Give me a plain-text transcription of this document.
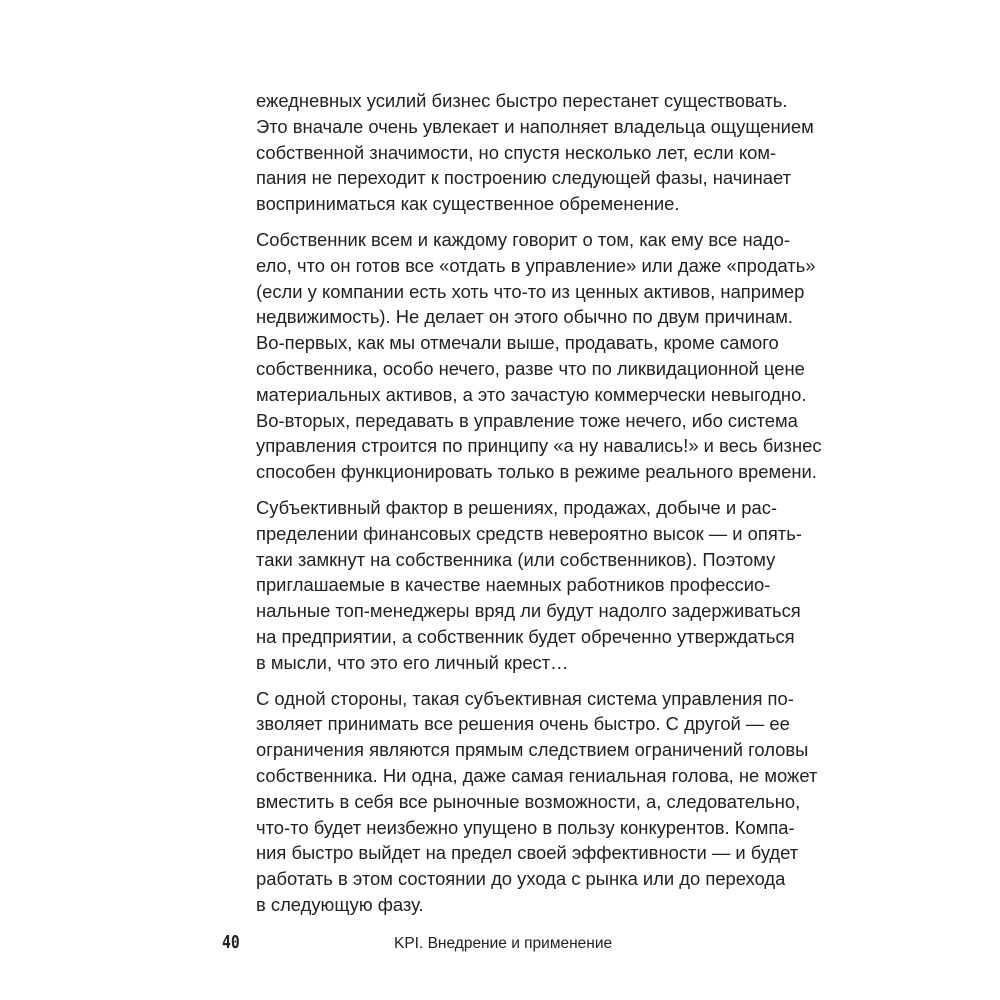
ежедневных усилий бизнес быстро перестанет существовать.
Это вначале очень увлекает и наполняет владельца ощущением
собственной значимости, но спустя несколько лет, если ком-
пания не переходит к построению следующей фазы, начинает
восприниматься как существенное обременение.
Собственник всем и каждому говорит о том, как ему все надо-
ело, что он готов все «отдать в управление» или даже «продать»
(если у компании есть хоть что-то из ценных активов, например
недвижимость). Не делает он этого обычно по двум причинам.
Во-первых, как мы отмечали выше, продавать, кроме самого
собственника, особо нечего, разве что по ликвидационной цене
материальных активов, а это зачастую коммерчески невыгодно.
Во-вторых, передавать в управление тоже нечего, ибо система
управления строится по принципу «а ну навались!» и весь бизнес
способен функционировать только в режиме реального времени.
Субъективный фактор в решениях, продажах, добыче и рас-
пределении финансовых средств невероятно высок — и опять-
таки замкнут на собственника (или собственников). Поэтому
приглашаемые в качестве наемных работников профессио-
нальные топ-менеджеры вряд ли будут надолго задерживаться
на предприятии, а собственник будет обреченно утверждаться
в мысли, что это его личный крест…
С одной стороны, такая субъективная система управления по-
зволяет принимать все решения очень быстро. С другой — ее
ограничения являются прямым следствием ограничений головы
собственника. Ни одна, даже самая гениальная голова, не может
вместить в себя все рыночные возможности, а, следовательно,
что-то будет неизбежно упущено в пользу конкурентов. Компа-
ния быстро выйдет на предел своей эффективности — и будет
работать в этом состоянии до ухода с рынка или до перехода
в следующую фазу.
40	KPI. Внедрение и применение
